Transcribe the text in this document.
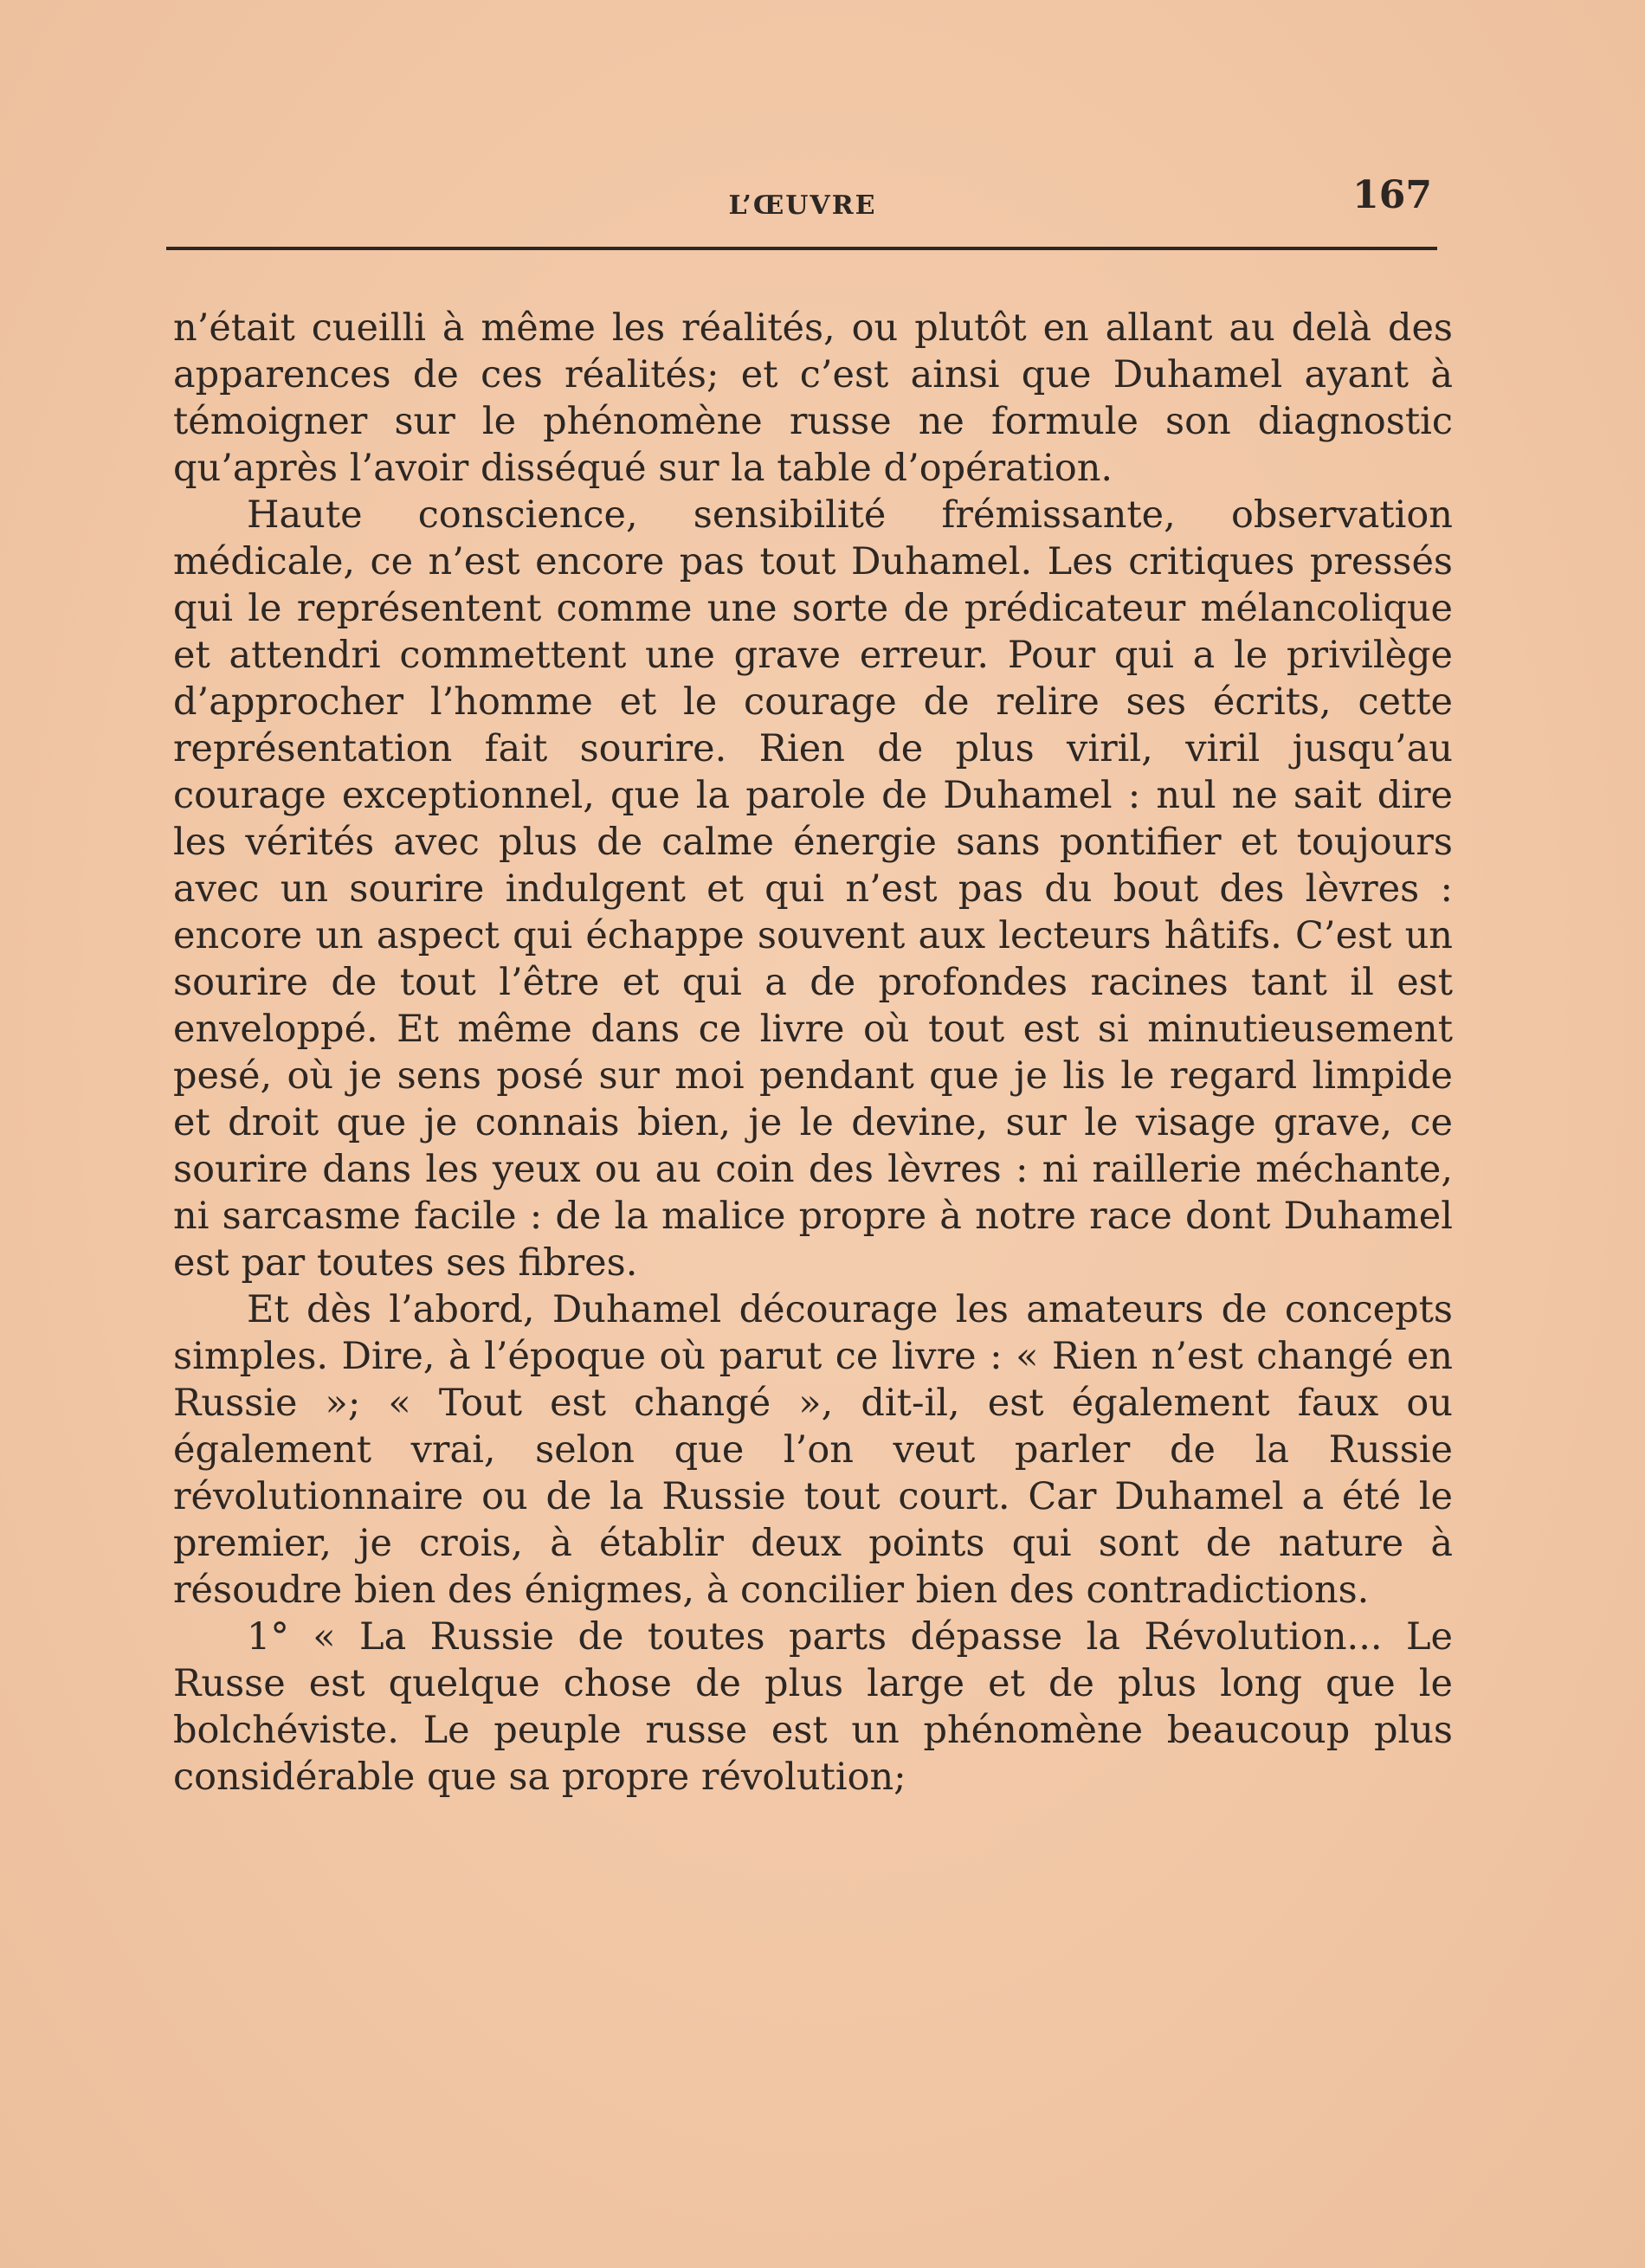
L’ŒUVRE	167

n’était cueilli à même les réalités, ou plutôt en allant au delà des apparences de ces réalités; et c’est ainsi que Duhamel ayant à témoigner sur le phénomène russe ne formule son diagnostic qu’après l’avoir disséqué sur la table d’opération.

Haute conscience, sensibilité frémissante, observation médicale, ce n’est encore pas tout Duhamel. Les critiques pressés qui le représentent comme une sorte de prédicateur mélancolique et attendri commettent une grave erreur. Pour qui a le privilège d’approcher l’homme et le courage de relire ses écrits, cette représentation fait sourire. Rien de plus viril, viril jusqu’au courage exceptionnel, que la parole de Duhamel : nul ne sait dire les vérités avec plus de calme énergie sans pontifier et toujours avec un sourire indulgent et qui n’est pas du bout des lèvres : encore un aspect qui échappe souvent aux lecteurs hâtifs. C’est un sourire de tout l’être et qui a de profondes racines tant il est enveloppé. Et même dans ce livre où tout est si minutieusement pesé, où je sens posé sur moi pendant que je lis le regard limpide et droit que je connais bien, je le devine, sur le visage grave, ce sourire dans les yeux ou au coin des lèvres : ni raillerie méchante, ni sarcasme facile : de la malice propre à notre race dont Duhamel est par toutes ses fibres.

Et dès l’abord, Duhamel décourage les amateurs de concepts simples. Dire, à l’époque où parut ce livre : « Rien n’est changé en Russie »; « Tout est changé », dit-il, est également faux ou également vrai, selon que l’on veut parler de la Russie révolutionnaire ou de la Russie tout court. Car Duhamel a été le premier, je crois, à établir deux points qui sont de nature à résoudre bien des énigmes, à concilier bien des contradictions.

1° « La Russie de toutes parts dépasse la Révolution... Le Russe est quelque chose de plus large et de plus long que le bolchéviste. Le peuple russe est un phénomène beaucoup plus considérable que sa propre révolution;
